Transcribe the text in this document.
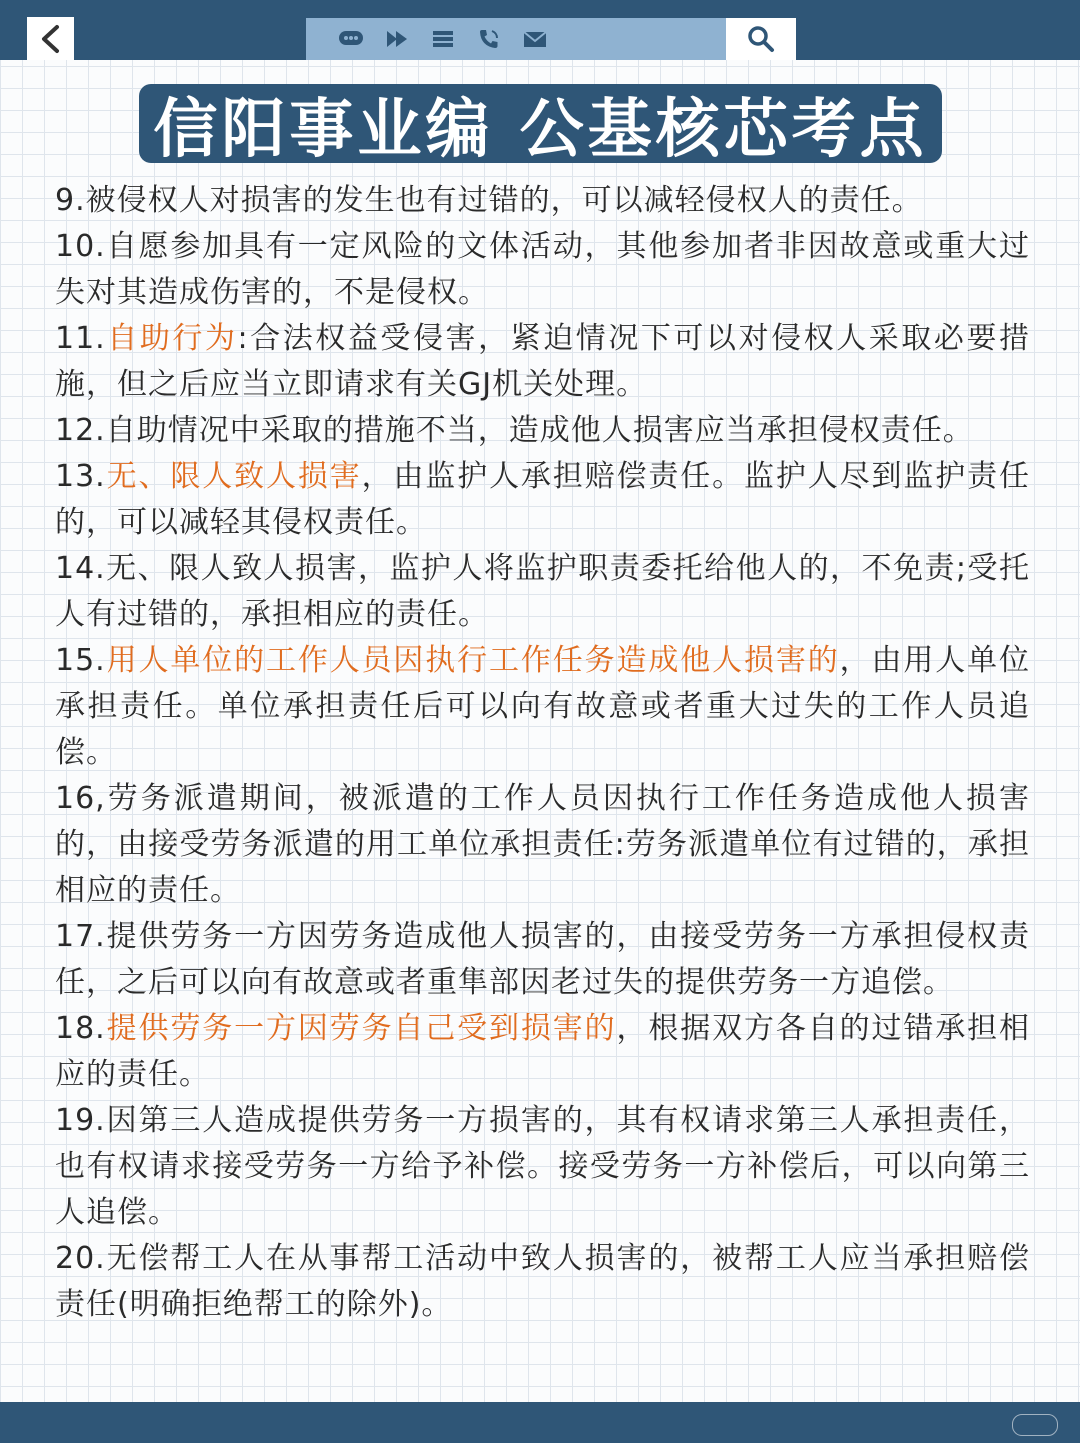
信阳事业编 公基核芯考点

9.被侵权人对损害的发生也有过错的，可以减轻侵权人的责任。

10.自愿参加具有一定风险的文体活动，其他参加者非因故意或重大过失对其造成伤害的，不是侵权。

11.自助行为:合法权益受侵害，紧迫情况下可以对侵权人采取必要措施，但之后应当立即请求有关GJ机关处理。

12.自助情况中采取的措施不当，造成他人损害应当承担侵权责任。

13.无、限人致人损害，由监护人承担赔偿责任。监护人尽到监护责任的，可以减轻其侵权责任。

14.无、限人致人损害，监护人将监护职责委托给他人的，不免责;受托人有过错的，承担相应的责任。

15.用人单位的工作人员因执行工作任务造成他人损害的，由用人单位承担责任。单位承担责任后可以向有故意或者重大过失的工作人员追偿。

16,劳务派遣期间，被派遣的工作人员因执行工作任务造成他人损害的，由接受劳务派遣的用工单位承担责任:劳务派遣单位有过错的，承担相应的责任。

17.提供劳务一方因劳务造成他人损害的，由接受劳务一方承担侵权责任，之后可以向有故意或者重隼部因老过失的提供劳务一方追偿。

18.提供劳务一方因劳务自己受到损害的，根据双方各自的过错承担相应的责任。

19.因第三人造成提供劳务一方损害的，其有权请求第三人承担责任，也有权请求接受劳务一方给予补偿。接受劳务一方补偿后，可以向第三人追偿。

20.无偿帮工人在从事帮工活动中致人损害的，被帮工人应当承担赔偿责任(明确拒绝帮工的除外)。
